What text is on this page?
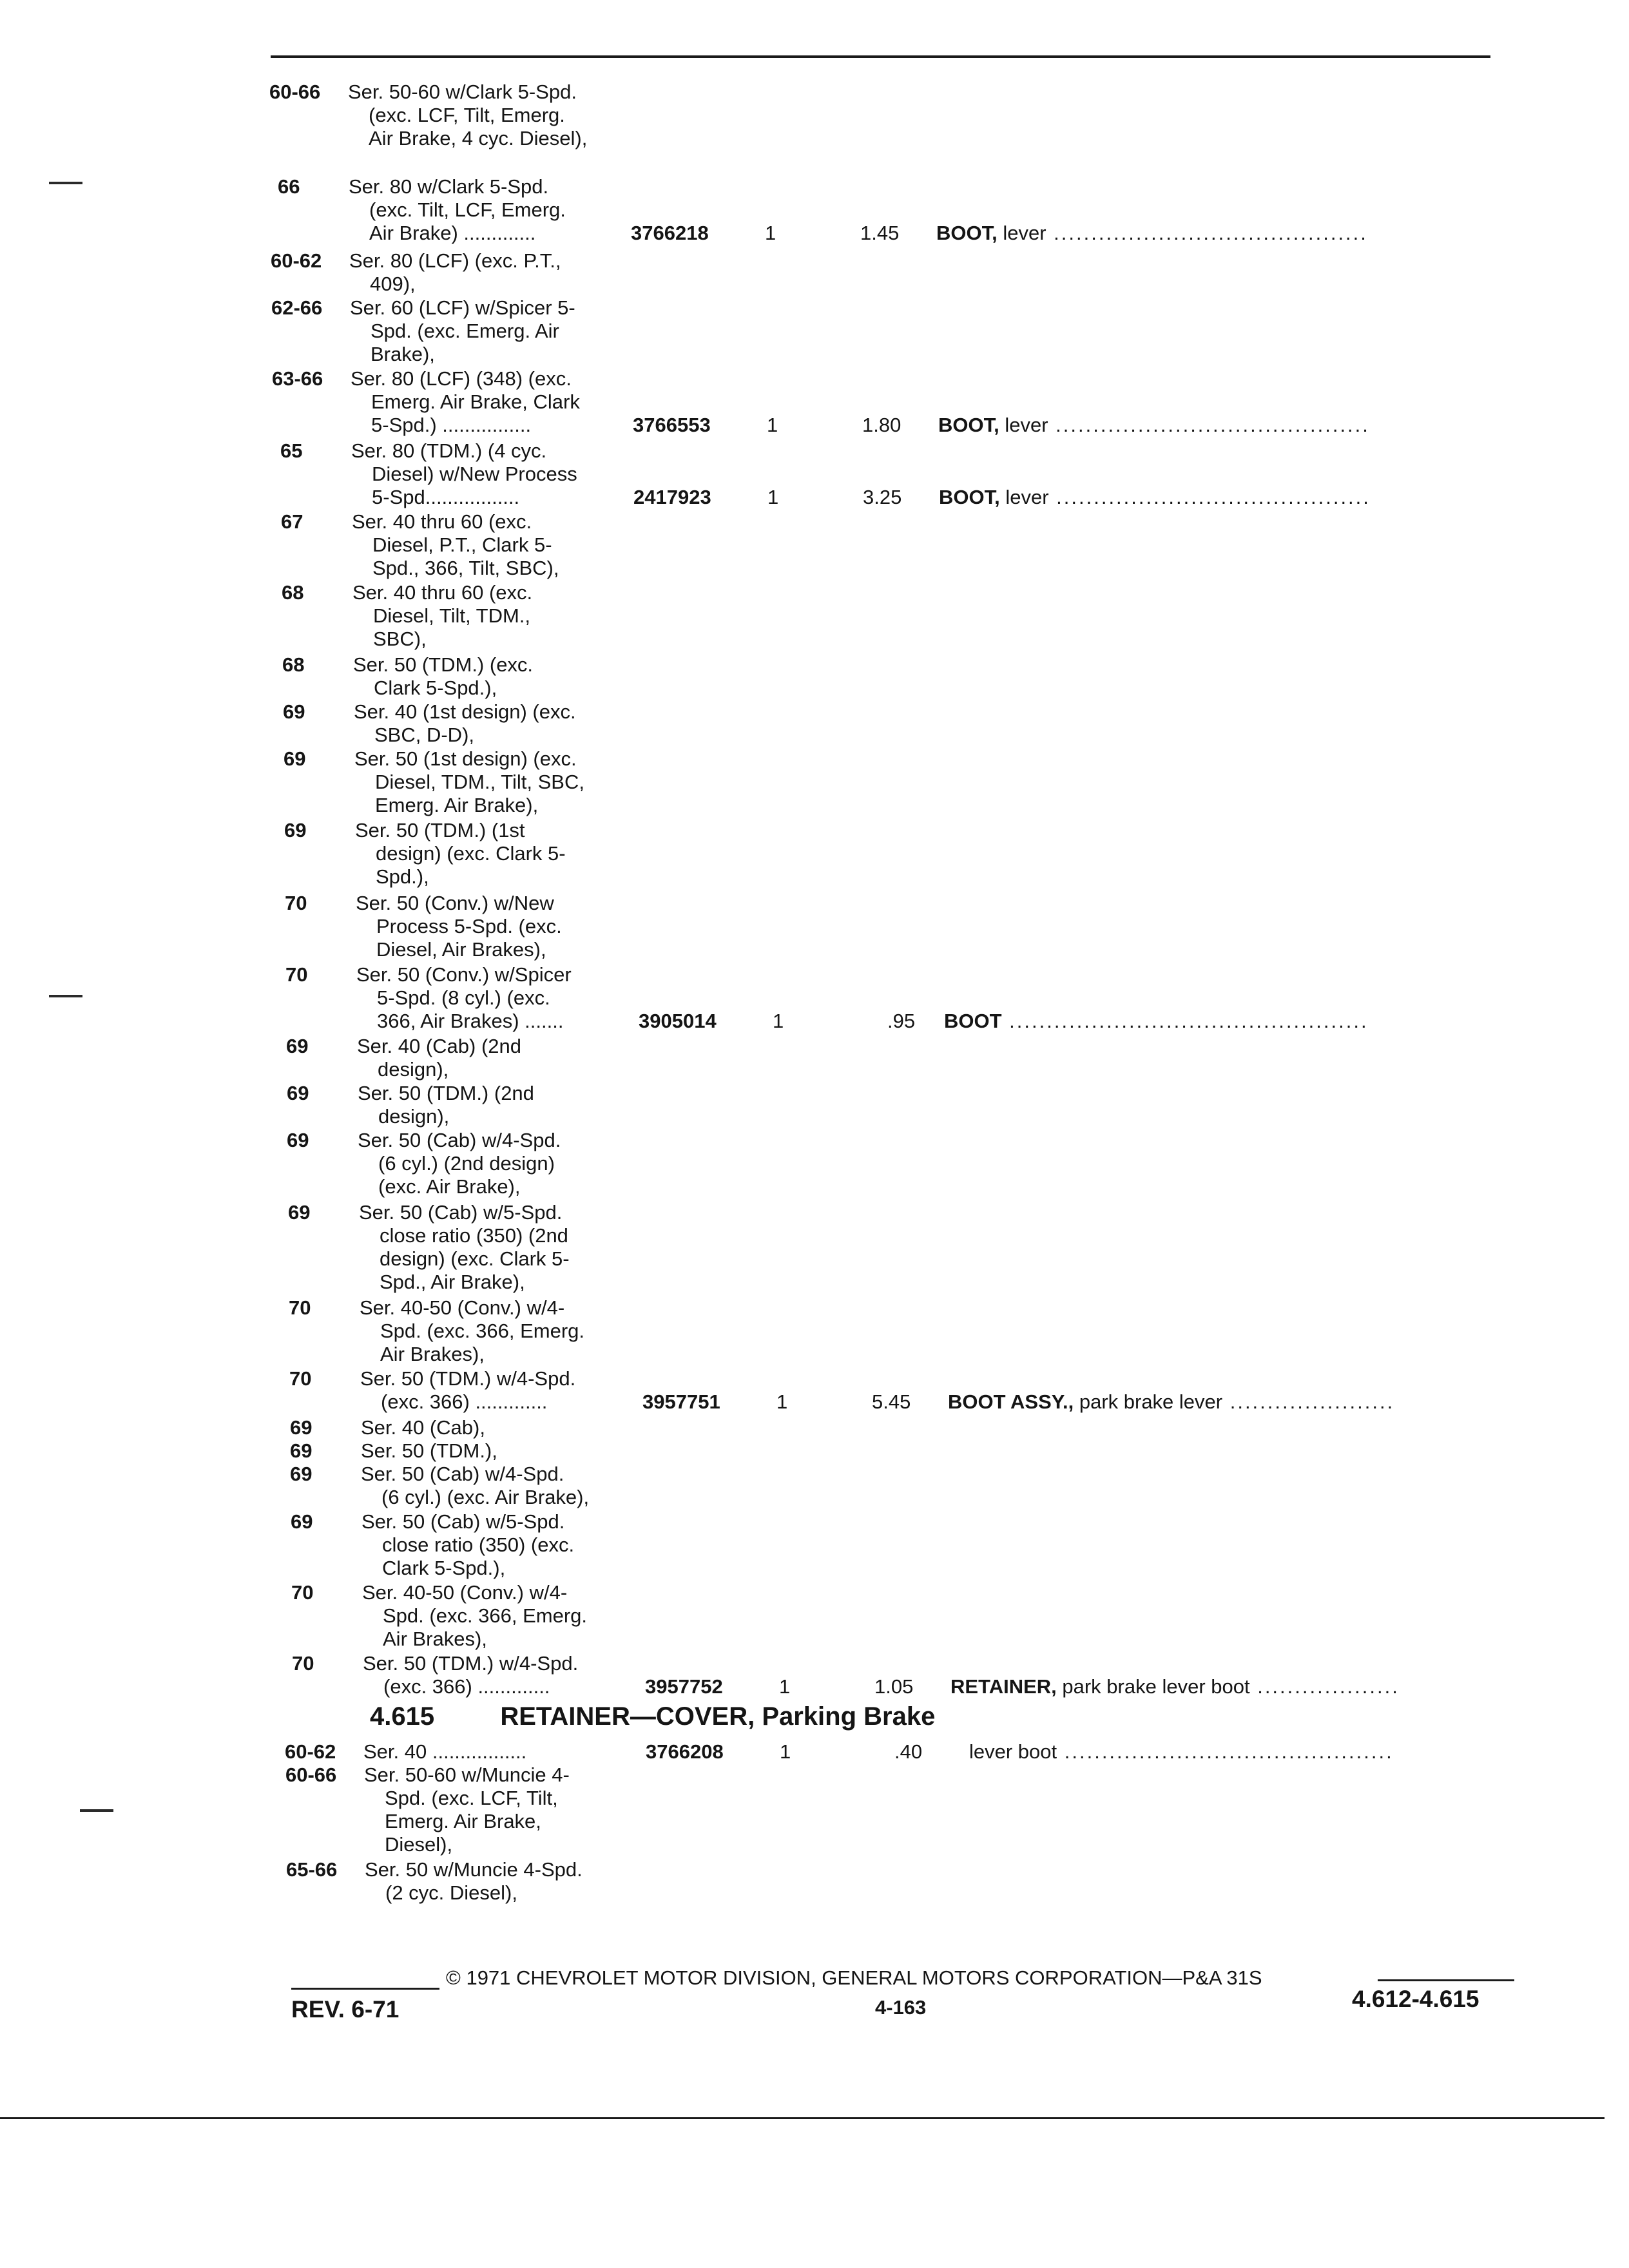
60-66 Ser. 50-60 w/Clark 5-Spd.
(exc. LCF, Tilt, Emerg.
Air Brake, 4 cyc. Diesel),
66 Ser. 80 w/Clark 5-Spd.
(exc. Tilt, LCF, Emerg.
Air Brake) .............	3766218	1	1.45 BOOT, lever ..........................................
60-62 Ser. 80 (LCF) (exc. P.T.,
409),
62-66 Ser. 60 (LCF) w/Spicer 5-
Spd. (exc. Emerg. Air
Brake),
63-66 Ser. 80 (LCF) (348) (exc.
Emerg. Air Brake, Clark
5-Spd.) ................	3766553	1	1.80 BOOT, lever ..........................................
65 Ser. 80 (TDM.) (4 cyc.
Diesel) w/New Process
5-Spd.................	2417923	1	3.25 BOOT, lever ..........................................
67 Ser. 40 thru 60 (exc.
Diesel, P.T., Clark 5-
Spd., 366, Tilt, SBC),
68 Ser. 40 thru 60 (exc.
Diesel, Tilt, TDM.,
SBC),
68 Ser. 50 (TDM.) (exc.
Clark 5-Spd.),
69 Ser. 40 (1st design) (exc.
SBC, D-D),
69 Ser. 50 (1st design) (exc.
Diesel, TDM., Tilt, SBC,
Emerg. Air Brake),
69 Ser. 50 (TDM.) (1st
design) (exc. Clark 5-
Spd.),
70 Ser. 50 (Conv.) w/New
Process 5-Spd. (exc.
Diesel, Air Brakes),
70 Ser. 50 (Conv.) w/Spicer
5-Spd. (8 cyl.) (exc.
366, Air Brakes) .......	3905014	1	.95 BOOT ................................................
69 Ser. 40 (Cab) (2nd
design),
69 Ser. 50 (TDM.) (2nd
design),
69 Ser. 50 (Cab) w/4-Spd.
(6 cyl.) (2nd design)
(exc. Air Brake),
69 Ser. 50 (Cab) w/5-Spd.
close ratio (350) (2nd
design) (exc. Clark 5-
Spd., Air Brake),
70 Ser. 40-50 (Conv.) w/4-
Spd. (exc. 366, Emerg.
Air Brakes),
70 Ser. 50 (TDM.) w/4-Spd.
(exc. 366) .............	3957751	1	5.45 BOOT ASSY., park brake lever ......................
69 Ser. 40 (Cab),
69 Ser. 50 (TDM.),
69 Ser. 50 (Cab) w/4-Spd.
(6 cyl.) (exc. Air Brake),
69 Ser. 50 (Cab) w/5-Spd.
close ratio (350) (exc.
Clark 5-Spd.),
70 Ser. 40-50 (Conv.) w/4-
Spd. (exc. 366, Emerg.
Air Brakes),
70 Ser. 50 (TDM.) w/4-Spd.
(exc. 366) .............	3957752	1	1.05 RETAINER, park brake lever boot ...................
60-62 Ser. 40 .................	3766208	1	.40 lever boot ............................................
60-66 Ser. 50-60 w/Muncie 4-
Spd. (exc. LCF, Tilt,
Emerg. Air Brake,
Diesel),
65-66 Ser. 50 w/Muncie 4-Spd.
(2 cyc. Diesel),
4.615	RETAINER—COVER, Parking Brake
© 1971 CHEVROLET MOTOR DIVISION, GENERAL MOTORS CORPORATION—P&A 31S
REV. 6-71	4-163	4.612-4.615
